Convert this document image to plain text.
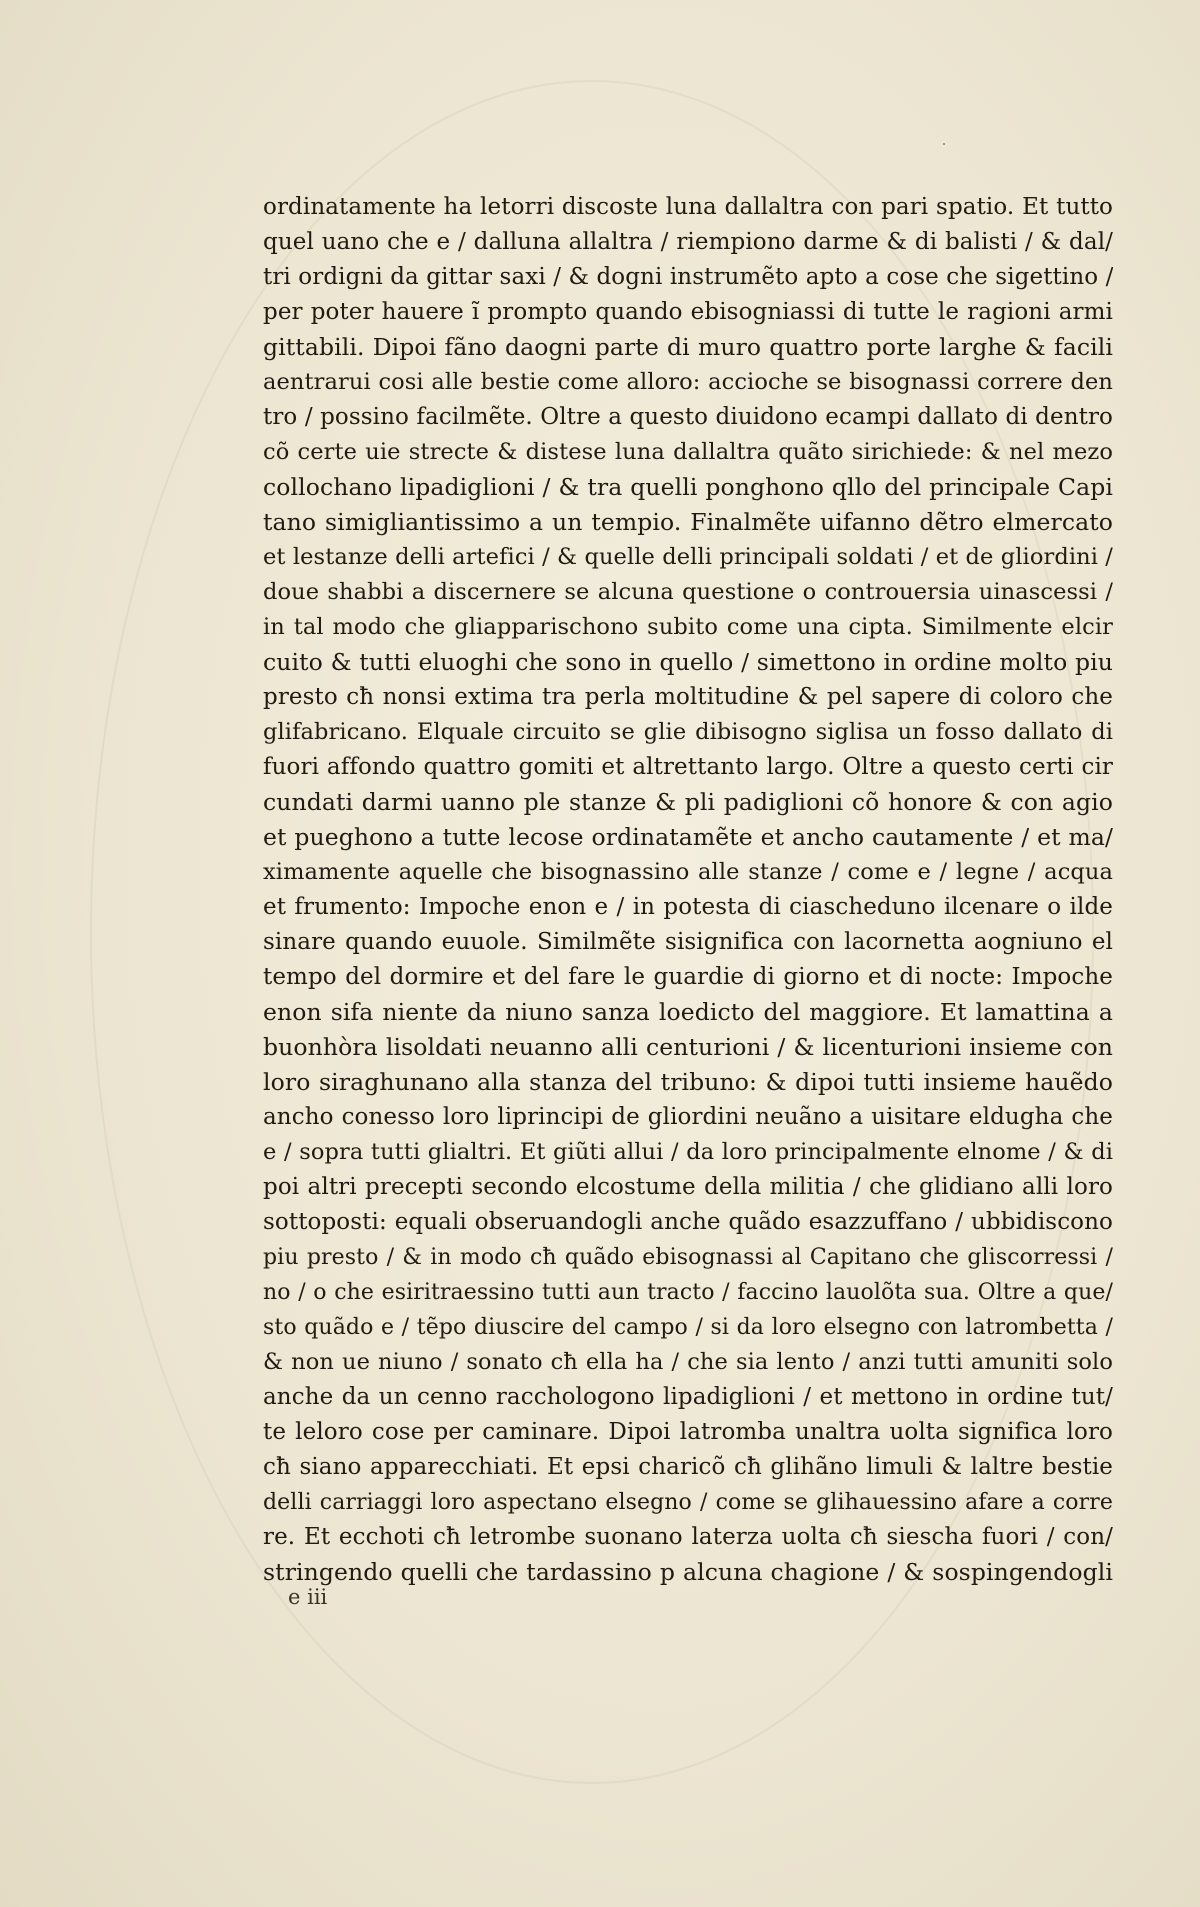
ordinatamente ha letorri discoste luna dallaltra con pari spatio. Et tutto
quel uano che e / dalluna allaltra / riempiono darme & di balisti / & dal/
tri ordigni da gittar saxi / & dogni instrumẽto apto a cose che sigettino /
per poter hauere ĩ prompto quando ebisogniassi di tutte le ragioni armi
gittabili. Dipoi fãno daogni parte di muro quattro porte larghe & facili
aentrarui cosi alle bestie come alloro: accioche se bisognassi correre den
tro / possino facilmẽte. Oltre a questo diuidono ecampi dallato di dentro
cõ certe uie strecte & distese luna dallaltra quãto sirichiede: & nel mezo
collochano lipadiglioni / & tra quelli ponghono qllo del principale Capi
tano simigliantissimo a un tempio. Finalmẽte uifanno dẽtro elmercato
et lestanze delli artefici / & quelle delli principali soldati / et de gliordini /
doue shabbi a discernere se alcuna questione o controuersia uinascessi /
in tal modo che gliapparischono subito come una cipta. Similmente elcir
cuito & tutti eluoghi che sono in quello / simettono in ordine molto piu
presto cħ nonsi extima tra perla moltitudine & pel sapere di coloro che
glifabricano. Elquale circuito se glie dibisogno siglisa un fosso dallato di
fuori affondo quattro gomiti et altrettanto largo. Oltre a questo certi cir
cundati darmi uanno ple stanze & pli padiglioni cõ honore & con agio
et pueghono a tutte lecose ordinatamẽte et ancho cautamente / et ma/
ximamente aquelle che bisognassino alle stanze / come e / legne / acqua
et frumento: Impoche enon e / in potesta di ciascheduno ilcenare o ilde
sinare quando euuole. Similmẽte sisignifica con lacornetta aogniuno el
tempo del dormire et del fare le guardie di giorno et di nocte: Impoche
enon sifa niente da niuno sanza loedicto del maggiore. Et lamattina a
buonhòra lisoldati neuanno alli centurioni / & licenturioni insieme con
loro siraghunano alla stanza del tribuno: & dipoi tutti insieme hauẽdo
ancho conesso loro liprincipi de gliordini neuãno a uisitare eldugha che
e / sopra tutti glialtri. Et giũti allui / da loro principalmente elnome / & di
poi altri precepti secondo elcostume della militia / che glidiano alli loro
sottoposti: equali obseruandogli anche quãdo esazzuffano / ubbidiscono
piu presto / & in modo cħ quãdo ebisognassi al Capitano che gliscorressi /
no / o che esiritraessino tutti aun tracto / faccino lauolõta sua. Oltre a que/
sto quãdo e / tẽpo diuscire del campo / si da loro elsegno con latrombetta /
& non ue niuno / sonato cħ ella ha / che sia lento / anzi tutti amuniti solo
anche da un cenno racchologono lipadiglioni / et mettono in ordine tut/
te leloro cose per caminare. Dipoi latromba unaltra uolta significa loro
cħ siano apparecchiati. Et epsi charicõ cħ glihãno limuli & laltre bestie
delli carriaggi loro aspectano elsegno / come se glihauessino afare a corre
re. Et ecchoti cħ letrombe suonano laterza uolta cħ siescha fuori / con/
stringendo quelli che tardassino p alcuna chagione / & sospingendogli
e iii
